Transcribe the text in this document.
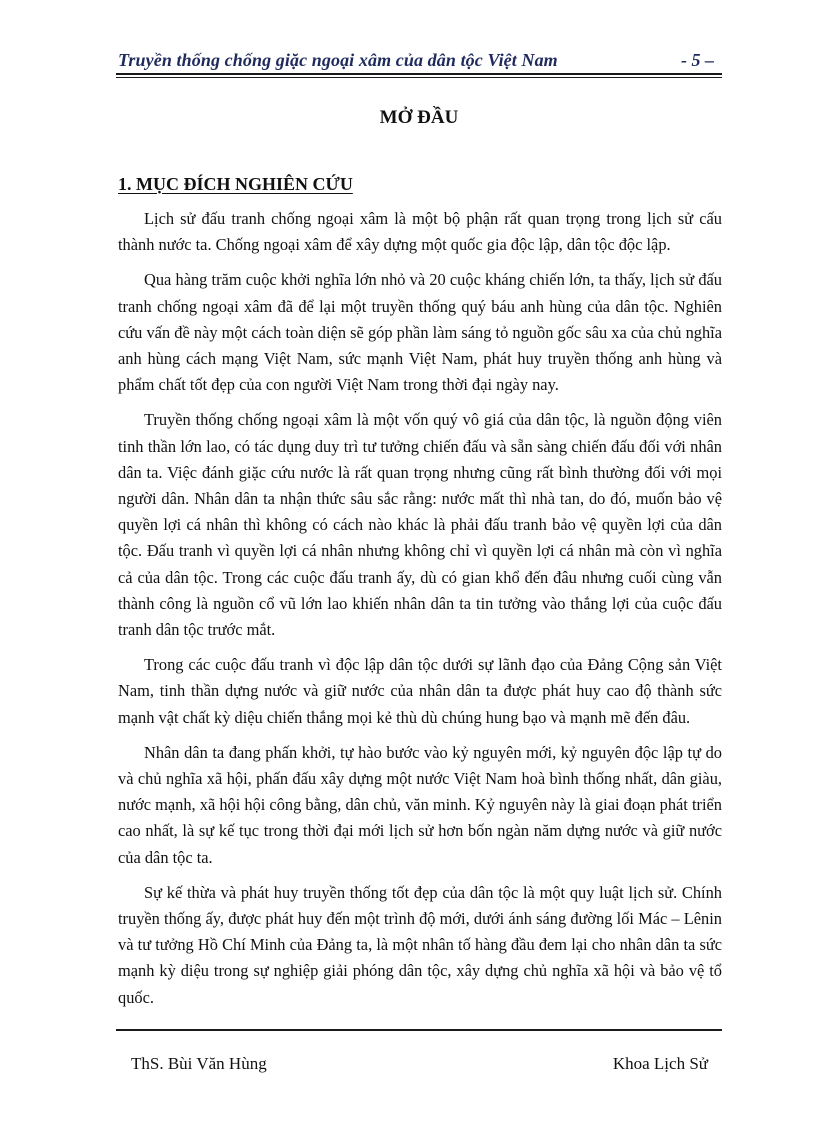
Truyền thống chống giặc ngoại xâm của dân tộc Việt Nam	- 5 –
MỞ ĐẦU
1. MỤC ĐÍCH NGHIÊN CỨU

Lịch sử đấu tranh chống ngoại xâm là một bộ phận rất quan trọng trong lịch sử cấu thành nước ta. Chống ngoại xâm để xây dựng một quốc gia độc lập, dân tộc độc lập.

Qua hàng trăm cuộc khởi nghĩa lớn nhỏ và 20 cuộc kháng chiến lớn, ta thấy, lịch sử đấu tranh chống ngoại xâm đã để lại một truyền thống quý báu anh hùng của dân tộc. Nghiên cứu vấn đề này một cách toàn diện sẽ góp phần làm sáng tỏ nguồn gốc sâu xa của chủ nghĩa anh hùng cách mạng Việt Nam, sức mạnh Việt Nam, phát huy truyền thống anh hùng và phẩm chất tốt đẹp của con người Việt Nam trong thời đại ngày nay.

Truyền thống chống ngoại xâm là một vốn quý vô giá của dân tộc, là nguồn động viên tinh thần lớn lao, có tác dụng duy trì tư tưởng chiến đấu và sẵn sàng chiến đấu đối với nhân dân ta. Việc đánh giặc cứu nước là rất quan trọng nhưng cũng rất bình thường đối với mọi người dân. Nhân dân ta nhận thức sâu sắc rằng: nước mất thì nhà tan, do đó, muốn bảo vệ quyền lợi cá nhân thì không có cách nào khác là phải đấu tranh bảo vệ quyền lợi của dân tộc. Đấu tranh vì quyền lợi cá nhân nhưng không chỉ vì quyền lợi cá nhân mà còn vì nghĩa cả của dân tộc. Trong các cuộc đấu tranh ấy, dù có gian khổ đến đâu nhưng cuối cùng vẫn thành công là nguồn cổ vũ lớn lao khiến nhân dân ta tin tưởng vào thắng lợi của cuộc đấu tranh dân tộc trước mắt.

Trong các cuộc đấu tranh vì độc lập dân tộc dưới sự lãnh đạo của Đảng Cộng sản Việt Nam, tinh thần dựng nước và giữ nước của nhân dân ta được phát huy cao độ thành sức mạnh vật chất kỳ diệu chiến thắng mọi kẻ thù dù chúng hung bạo và mạnh mẽ đến đâu.

Nhân dân ta đang phấn khởi, tự hào bước vào kỷ nguyên mới, kỷ nguyên độc lập tự do và chủ nghĩa xã hội, phấn đấu xây dựng một nước Việt Nam hoà bình thống nhất, dân giàu, nước mạnh, xã hội hội công bằng, dân chủ, văn minh. Kỷ nguyên này là giai đoạn phát triển cao nhất, là sự kế tục trong thời đại mới lịch sử hơn bốn ngàn năm dựng nước và giữ nước của dân tộc ta.

Sự kế thừa và phát huy truyền thống tốt đẹp của dân tộc là một quy luật lịch sử. Chính truyền thống ấy, được phát huy đến một trình độ mới, dưới ánh sáng đường lối Mác – Lênin và tư tưởng Hồ Chí Minh của Đảng ta, là một nhân tố hàng đầu đem lại cho nhân dân ta sức mạnh kỳ diệu trong sự nghiệp giải phóng dân tộc, xây dựng chủ nghĩa xã hội và bảo vệ tổ quốc.

ThS. Bùi Văn Hùng	Khoa Lịch Sử
